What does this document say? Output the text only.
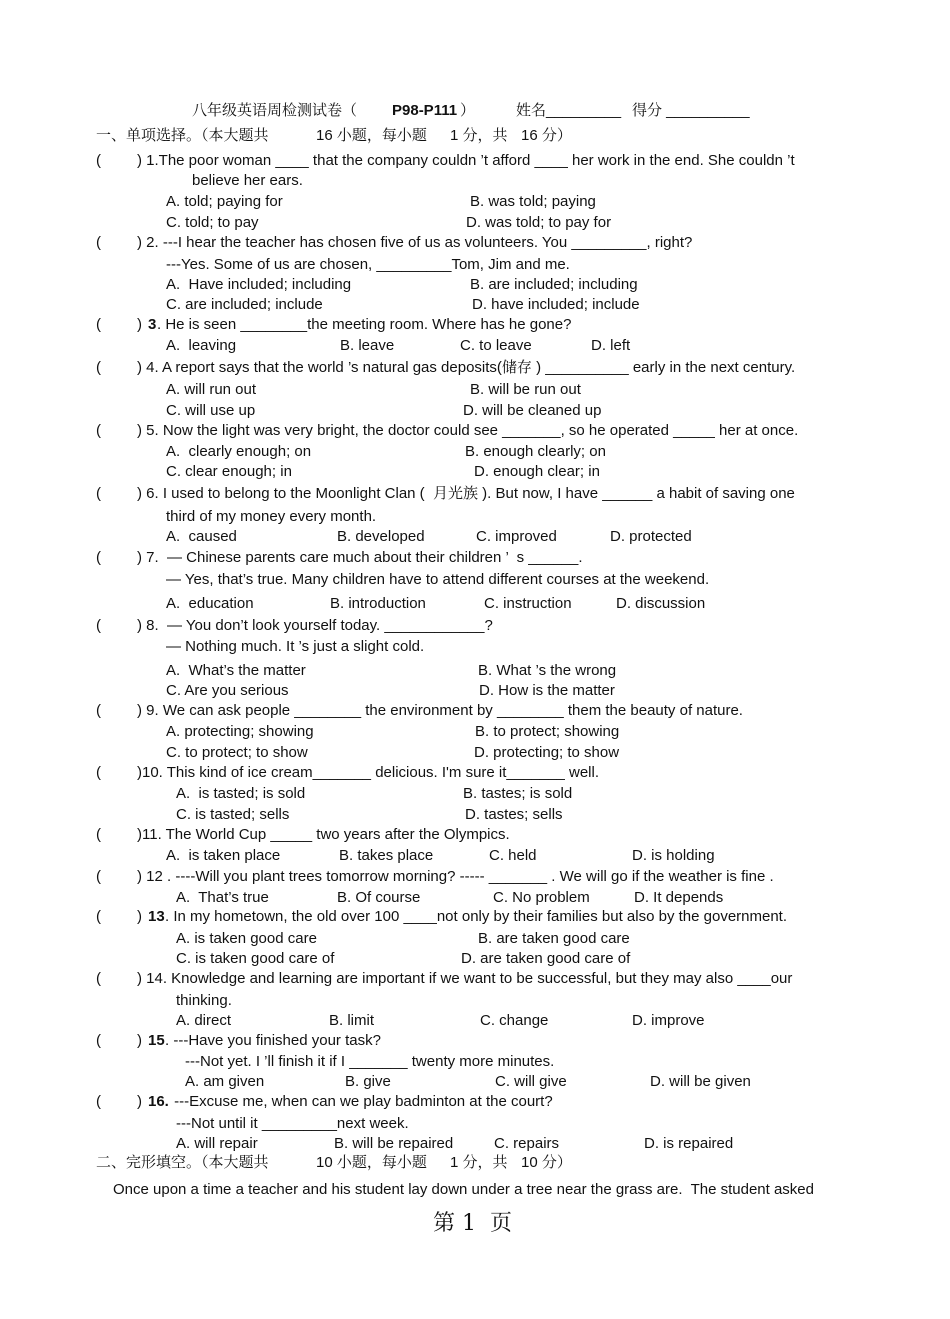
八年级英语周检测试卷（ P98-P111 ）	姓名_________ 得分 __________
一、单项选择。（本大题共	16 小题，每小题 1 分，共 16 分）
( ) 1.The poor woman ____ that the company couldn ’t afford ____ her work in the end. She couldn ’t
believe her ears.
A. told; paying for	B. was told; paying
C. told; to pay	D. was told; to pay for
( ) 2. ---I hear the teacher has chosen five of us as volunteers. You _________, right?
---Yes. Some of us are chosen, _________Tom, Jim and me.
A.  Have included; including	B. are included; including
C. are included; include	D. have included; include
( ) 3 . He is seen ________the meeting room. Where has he gone?
A.  leaving	B. leave	C. to leave	D. left
( ) 4. A report says that the world ’s natural gas deposits(储存 ) __________ early in the next century.
A. will run out	B. will be run out
C. will use up	D. will be cleaned up
( ) 5. Now the light was very bright, the doctor could see _______, so he operated _____ her at once.
A.  clearly enough; on	B. enough clearly; on
C. clear enough; in	D. enough clear; in
( ) 6. I used to belong to the Moonlight Clan (  月光族 ). But now, I have ______ a habit of saving one
third of my money every month.
A.  caused	B. developed	C. improved	D. protected
( ) 7.  — Chinese parents care much about their children ’  s ______.
— Yes, that’s true. Many children have to attend different courses at the weekend.
A.  education	B. introduction	C. instruction	D. discussion
( ) 8.  — You don’t look yourself today. ____________?
— Nothing much. It ’s just a slight cold.
A.  What’s the matter	B. What ’s the wrong
C. Are you serious	D. How is the matter
( ) 9. We can ask people ________ the environment by ________ them the beauty of nature.
A. protecting; showing	B. to protect; showing
C. to protect; to show	D. protecting; to show
( )10. This kind of ice cream_______ delicious. I'm sure it_______ well.
A.  is tasted; is sold	B. tastes; is sold
C. is tasted; sells	D. tastes; sells
( )11. The World Cup _____ two years after the Olympics.
A.  is taken place	B. takes place	C. held	D. is holding
( ) 12 . ----Will you plant trees tomorrow morning? ----- _______ . We will go if the weather is fine .
A.  That’s true	B. Of course	C. No problem	D. It depends
( ) 13 . In my hometown, the old over 100 ____not only by their families but also by the government.
A. is taken good care	B. are taken good care
C. is taken good care of	D. are taken good care of
( ) 14. Knowledge and learning are important if we want to be successful, but they may also ____our
thinking.
A. direct	B. limit	C. change	D. improve
( ) 15 . ---Have you finished your task?
---Not yet. I ’ll finish it if I _______ twenty more minutes.
A. am given	B. give	C. will give	D. will be given
( ) 16. ---Excuse me, when can we play badminton at the court?
---Not until it _________next week.
A. will repair	B. will be repaired	C. repairs	D. is repaired
二、完形填空。（本大题共	10 小题，每小题 1 分，共 10 分）
Once upon a time a teacher and his student lay down under a tree near the grass are.  The student asked
第 1  页
